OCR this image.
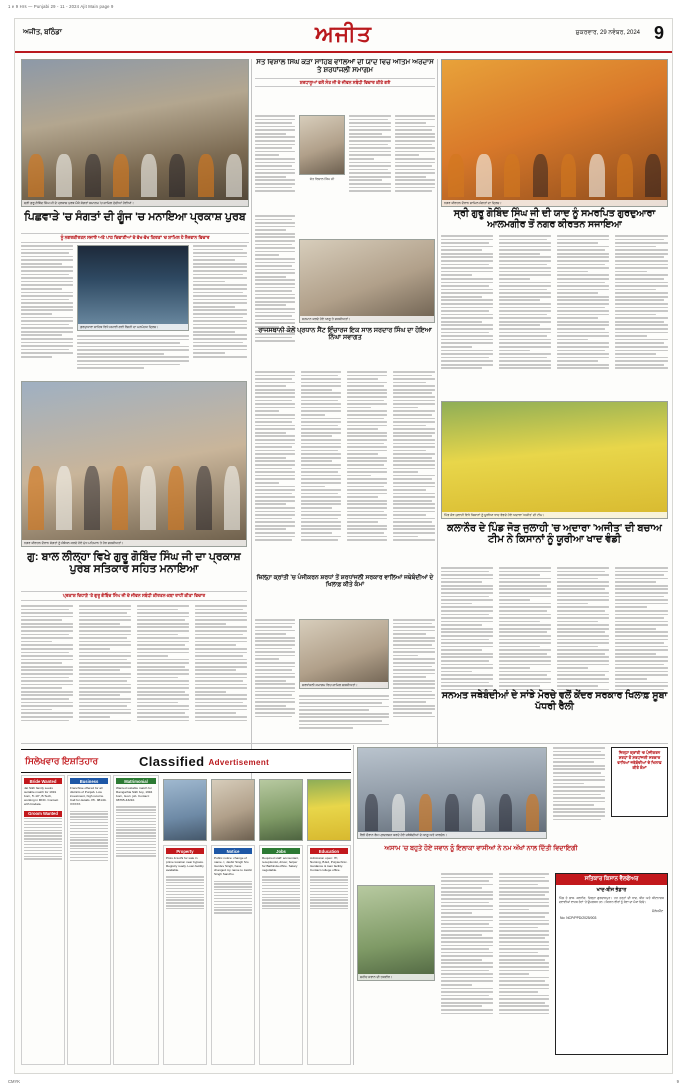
1 e 9 Hrs — Punjabi 29 - 11 - 2024 Ajit Main page 9
ਅਜੀਤ, ਬਠਿੰਡਾ	ਅਜੀਤ	ਸ਼ੁਕਰਵਾਰ, 29 ਨਵੰਬਰ, 2024 9
ਸ੍ਰੀ ਗੁਰੂ ਗੋਬਿੰਦ ਸਿੰਘ ਜੀ ਦੇ ਪ੍ਰਕਾਸ਼ ਪੁਰਬ ਮੌਕੇ ਸੰਗਤਾਂ ਸਮਾਗਮ 'ਚ ਸ਼ਾਮਿਲ ਹੁੰਦੀਆਂ ਹੋਈਆਂ।
ਸੰਤ ਵਿਸ਼ਾਲ ਸਿੰਘ ਕੜਾ ਸਾਹਿਬ ਵਾਲਿਆਂ ਦੀ ਯਾਦ ਵਿਚ ਅੰਤਿਮ ਅਰਦਾਸ ਤੇ ਸ਼ਰਧਾਂਜਲੀ ਸਮਾਗਮ
ਸ਼ਰਧਾਲੂਆਂ ਵਲੋਂ ਸੰਤ ਜੀ ਦੇ ਜੀਵਨ ਸਬੰਧੀ ਵਿਚਾਰ ਕੀਤੇ ਗਏ
ਨਗਰ ਕੀਰਤਨ ਦੌਰਾਨ ਸ਼ਾਮਿਲ ਸੰਗਤਾਂ ਦਾ ਦ੍ਰਿਸ਼।
ਪਿਛਵਾੜੇ 'ਚ ਸੰਗਤਾਂ ਦੀ ਗੂੰਜ 'ਚ ਮਨਾਇਆ ਪ੍ਰਕਾਸ਼ ਪੁਰਬ	ਸ੍ਰੀ ਗੁਰੂ ਗੋਬਿੰਦ ਸਿੰਘ ਜੀ ਦੀ ਯਾਦ ਨੂੰ ਸਮਰਪਿਤ ਗੁਰਦੁਆਰਾ ਆਲਮਗੀਰ ਤੋਂ ਨਗਰ ਕੀਰਤਨ ਸਜਾਇਆ
ਨੂੰ ਨਗਰਕੀਰਤਨ ਸਜਾਏ ਅਤੇ ਪਾਠ ਦਿਵਾਣੀਆਂ ਦੇ ਵੱਖ-ਵੱਖ ਕਿਰਤਾਂ 'ਚ ਸ਼ਾਮਿਲ ਹੋ ਨੌਜਵਾਨ ਵਿਚਾਰ
ਗੁਰਦੁਆਰਾ ਸਾਹਿਬ ਵਿਖੇ ਸਜਾਈ ਗਈ ਰੌਸ਼ਨੀ ਦਾ ਮਨਮੋਹਕ ਦ੍ਰਿਸ਼।
ਸੰਤ ਵਿਸ਼ਾਲ ਸਿੰਘ ਜੀ
ਸਨਮਾਨ ਕਰਦੇ ਹੋਏ ਆਗੂ ਤੇ ਸ਼ਖ਼ਸੀਅਤਾਂ।
ਰਾਜਸਥਾਨੀ ਕੋਲੋਂ ਪ੍ਰਧਾਨ ਸੈਂਟ ਇੰਚਾਰਜ ਇਕ ਸਾਲ ਸਰਦਾਰ ਸਿੰਘ ਦਾ ਹੋਇਆ ਨਿੱਘਾ ਸਵਾਗਤ
ਨਗਰ ਕੀਰਤਨ ਦੌਰਾਨ ਸੰਗਤਾਂ ਨੂੰ ਸੰਬੋਧਨ ਕਰਦੇ ਹੋਏ ਮੁੱਖ ਮਹਿਮਾਨ ਤੇ ਹੋਰ ਸ਼ਖ਼ਸੀਅਤਾਂ।
ਗੁ: ਬਾਲ ਲੀਲ੍ਹਾ ਵਿਖੇ ਗੁਰੂ ਗੋਬਿੰਦ ਸਿੰਘ ਜੀ ਦਾ ਪ੍ਰਕਾਸ਼ ਪੁਰਬ ਸਤਿਕਾਰ ਸਹਿਤ ਮਨਾਇਆ
ਪ੍ਰਕਾਸ਼ ਦਿਹਾੜੇ 'ਤੇ ਗੁਰੂ ਗੋਬਿੰਦ ਸਿੰਘ ਜੀ ਦੇ ਜੀਵਨ ਸਬੰਧੀ ਕੀਰਤਨ-ਕਥਾ ਰਾਹੀਂ ਕੀਤਾ ਵਿਚਾਰ
ਜ਼ਿਲ੍ਹਾ ਕ੍ਰਾਂਤੀ 'ਚ ਪੰਜੀਕਰਨ ਸ਼ਰਧਾਂ ਤੋਂ ਸ਼ਰਧਾਂਜਲੀ ਸਰਕਾਰ ਵਾਲਿਆਂ ਜਥੇਬੰਦੀਆਂ ਦੇ ਖਿਲਾਫ਼ ਕੀਤੇ ਕੰਮਾਂ
ਸ਼ਰਧਾਂਜਲੀ ਸਮਾਗਮ ਵਿਚ ਸ਼ਾਮਿਲ ਸ਼ਖ਼ਸੀਅਤਾਂ।
ਪਿੰਡ ਜੋੜ ਜੁਲਾਹੀ ਵਿਖੇ ਕਿਸਾਨਾਂ ਨੂੰ ਯੂਰੀਆ ਖਾਦ ਵੰਡਦੇ ਹੋਏ ਅਦਾਰਾ 'ਅਜੀਤ' ਦੀ ਟੀਮ।
ਕਲਾਨੌਰ ਦੇ ਪਿੰਡ ਜੋੜ ਜੁਲਾਹੀ 'ਚ ਅਦਾਰਾ 'ਅਜੀਤ' ਦੀ ਬਚਾਅ ਟੀਮ ਨੇ ਕਿਸਾਨਾਂ ਨੂੰ ਯੂਰੀਆ ਖਾਦ ਵੰਡੀ
ਸਨਅਤ ਜਥੇਬੰਦੀਆਂ ਦੇ ਸਾਂਝੇ ਮੋਰਚੇ ਵਲੋਂ ਕੇਂਦਰ ਸਰਕਾਰ ਖਿਲਾਫ਼ ਸੂਬਾ ਪੱਧਰੀ ਰੈਲੀ
ਸਿਲੇਖਵਾਰ ਇਸ਼ਤਿਹਾਰ	Classified Advertisement
Bride Wanted
Jat Sikh family seeks suitable match for 1991 born, 5'-10", B.Tech, working in MNC. Contact with biodata.
Groom Wanted
Business
Franchise offered for all districts of Punjab. Low investment, high returns. Call for details. Ph. 98140-XXXXX.
Matrimonial
Wanted suitable match for Ramgarhia Sikh boy, 1994 born, Govt. job. Contact: 98765-43210.
Property
Plots & kothi for sale in prime location near bypass. Registry ready. Loan facility available.
Notice
Public notice: change of name. I, Jasbir Singh S/o Gurdev Singh, have changed my name to Jasbir Singh Sandhu.
Jobs
Required staff: accountant, receptionist, driver, helper for Bathinda office. Salary negotiable.
Education
Admission open: ITI, Nursing, B.Ed, Polytechnic. Guidance & loan facility. Contact college office.
ਰੈਲੀ ਦੌਰਾਨ ਰੋਸ ਪ੍ਰਦਰਸ਼ਨ ਕਰਦੇ ਹੋਏ ਜਥੇਬੰਦੀਆਂ ਦੇ ਆਗੂ ਅਤੇ ਕਾਰਕੁੰਨ।
ਜ਼ਿਲ੍ਹਾ ਕ੍ਰਾਂਤੀ 'ਚ ਪੰਜੀਕਰਨ ਸ਼ਰਧਾਂ ਤੋਂ ਸ਼ਰਧਾਂਜਲੀ ਸਰਕਾਰ ਵਾਲਿਆਂ ਜਥੇਬੰਦੀਆਂ ਦੇ ਖਿਲਾਫ਼ ਕੀਤੇ ਕੰਮਾਂ
ਅਸਾਮ 'ਚ ਬਹੁਤੇ ਹੋਏ ਜਵਾਨ ਨੂੰ ਇਲਾਕਾ ਵਾਸੀਆਂ ਨੇ ਨਮ ਅੱਖਾਂ ਨਾਲ ਦਿੱਤੀ ਵਿਦਾਇਗੀ
ਸ਼ਹੀਦ ਜਵਾਨ ਦੀ ਤਸਵੀਰ।
ਸਤਿਕਾਰ ਕਿਸਾਨ ਵੈਲਫੇਅਰ
ਖਾਦ-ਬੀਜ ਭੰਡਾਰ
ਪਿੰਡ ਤੇ ਡਾਕ. ਕਲਾਨੌਰ, ਜ਼ਿਲ੍ਹਾ ਗੁਰਦਾਸਪੁਰ। ਹਰ ਤਰ੍ਹਾਂ ਦੀ ਖਾਦ, ਬੀਜ ਅਤੇ ਕੀਟਨਾਸ਼ਕ ਦਵਾਈਆਂ ਵਾਜਬ ਰੇਟਾਂ 'ਤੇ ਉਪਲਬਧ ਹਨ। ਕਿਸਾਨ ਵੀਰਾਂ ਨੂੰ ਸੇਵਾ ਦਾ ਮੌਕਾ ਦਿਓ।
ਮੈਨੇਜਮੈਂਟ
No: NCP/PPD/2025/003
CMYK	9
